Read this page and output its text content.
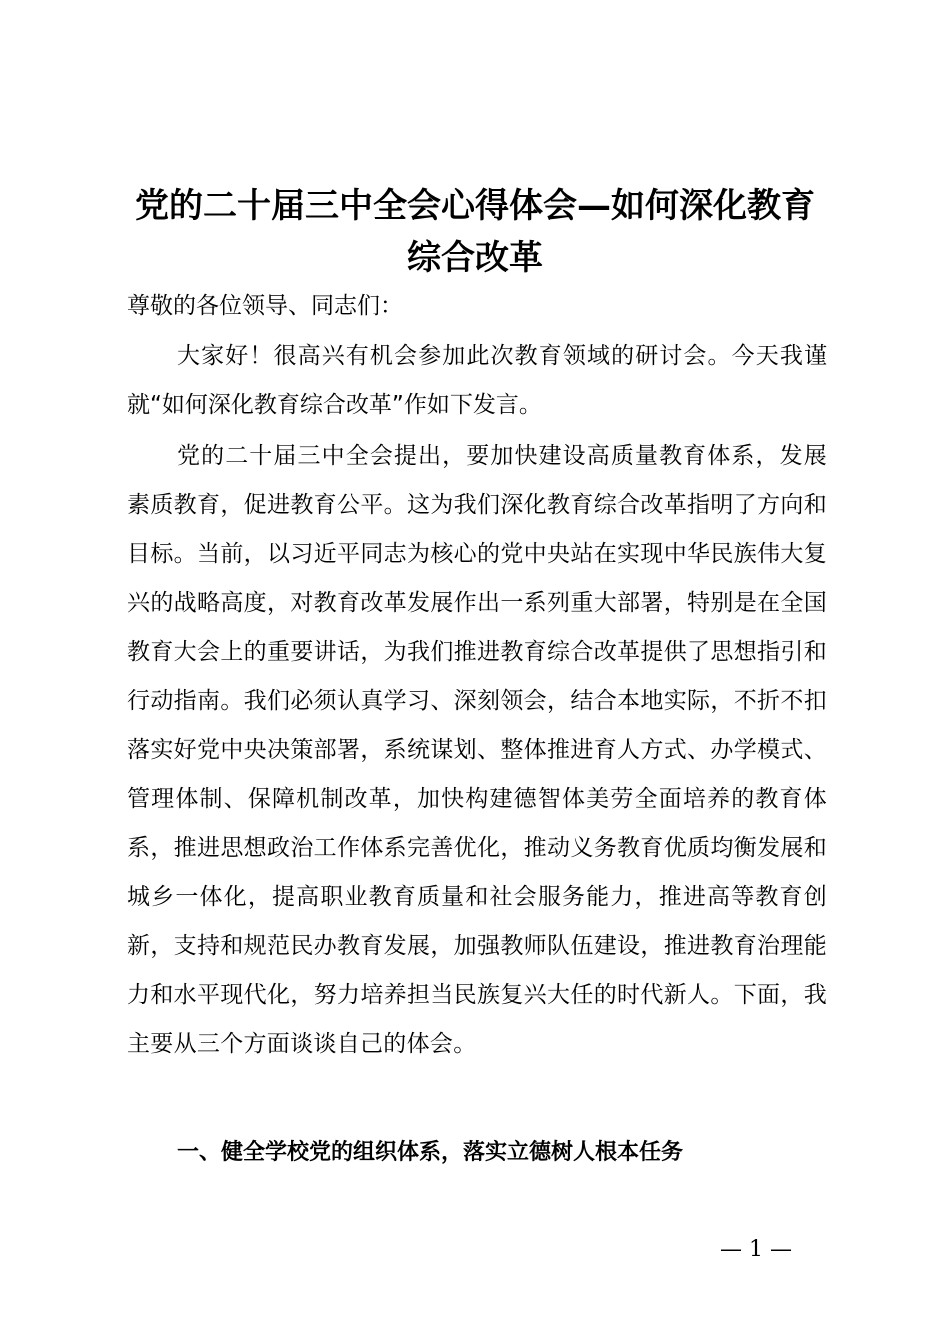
党的二十届三中全会心得体会—如何深化教育
综合改革
尊敬的各位领导、同志们：
大家好！很高兴有机会参加此次教育领域的研讨会。今天我谨就“如何深化教育综合改革”作如下发言。
党的二十届三中全会提出，要加快建设高质量教育体系，发展素质教育，促进教育公平。这为我们深化教育综合改革指明了方向和目标。当前，以习近平同志为核心的党中央站在实现中华民族伟大复兴的战略高度，对教育改革发展作出一系列重大部署，特别是在全国教育大会上的重要讲话，为我们推进教育综合改革提供了思想指引和行动指南。我们必须认真学习、深刻领会，结合本地实际，不折不扣落实好党中央决策部署，系统谋划、整体推进育人方式、办学模式、管理体制、保障机制改革，加快构建德智体美劳全面培养的教育体系，推进思想政治工作体系完善优化，推动义务教育优质均衡发展和城乡一体化，提高职业教育质量和社会服务能力，推进高等教育创新，支持和规范民办教育发展，加强教师队伍建设，推进教育治理能力和水平现代化，努力培养担当民族复兴大任的时代新人。下面，我主要从三个方面谈谈自己的体会。
一、健全学校党的组织体系，落实立德树人根本任务
— 1 —
